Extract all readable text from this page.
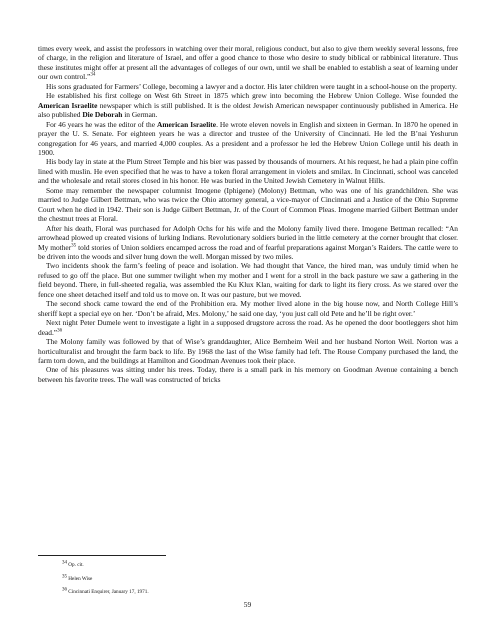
times every week, and assist the professors in watching over their moral, religious conduct, but also to give them weekly several lessons, free of charge, in the religion and literature of Israel, and offer a good chance to those who desire to study biblical or rabbinical literature. Thus these institutes might offer at present all the advantages of colleges of our own, until we shall be enabled to establish a seat of learning under our own control.”$^{34}$

His sons graduated for Farmers’ College, becoming a lawyer and a doctor. His later children were taught in a school-house on the property.

He established his first college on West 6th Street in 1875 which grew into becoming the Hebrew Union College. Wise founded the American Israelite newspaper which is still published. It is the oldest Jewish American newspaper continuously published in America. He also published Die Deborah in German.

For 46 years he was the editor of the American Israelite. He wrote eleven novels in English and sixteen in German. In 1870 he opened in prayer the U. S. Senate. For eighteen years he was a director and trustee of the University of Cincinnati. He led the B’nai Yeshurun congregation for 46 years, and married 4,000 couples. As a president and a professor he led the Hebrew Union College until his death in 1900.

His body lay in state at the Plum Street Temple and his bier was passed by thousands of mourners. At his request, he had a plain pine coffin lined with muslin. He even specified that he was to have a token floral arrangement in violets and smilax. In Cincinnati, school was canceled and the wholesale and retail stores closed in his honor. He was buried in the United Jewish Cemetery in Walnut Hills.

Some may remember the newspaper columnist Imogene (Iphigene) (Molony) Bettman, who was one of his grandchildren. She was married to Judge Gilbert Bettman, who was twice the Ohio attorney general, a vice-mayor of Cincinnati and a Justice of the Ohio Supreme Court when he died in 1942. Their son is Judge Gilbert Bettman, Jr. of the Court of Common Pleas. Imogene married Gilbert Bettman under the chestnut trees at Floral.

After his death, Floral was purchased for Adolph Ochs for his wife and the Molony family lived there. Imogene Bettman recalled: “An arrowhead plowed up created visions of lurking Indians. Revolutionary soldiers buried in the little cemetery at the corner brought that closer. My mother$^{35}$ told stories of Union soldiers encamped across the road and of fearful preparations against Morgan’s Raiders. The cattle were to be driven into the woods and silver hung down the well. Morgan missed by two miles.

Two incidents shook the farm’s feeling of peace and isolation. We had thought that Vance, the hired man, was unduly timid when he refused to go off the place. But one summer twilight when my mother and I went for a stroll in the back pasture we saw a gathering in the field beyond. There, in full-sheeted regalia, was assembled the Ku Klux Klan, waiting for dark to light its fiery cross. As we stared over the fence one sheet detached itself and told us to move on. It was our pasture, but we moved.

The second shock came toward the end of the Prohibition era. My mother lived alone in the big house now, and North College Hill’s sheriff kept a special eye on her. ‘Don’t be afraid, Mrs. Molony,’ he said one day, ‘you just call old Pete and he’ll be right over.’

Next night Peter Dumele went to investigate a light in a supposed drugstore across the road. As he opened the door bootleggers shot him dead.”$^{36}$

The Molony family was followed by that of Wise’s granddaughter, Alice Bernheim Weil and her husband Norton Weil. Norton was a horticulturalist and brought the farm back to life. By 1968 the last of the Wise family had left. The Rouse Company purchased the land, the farm torn down, and the buildings at Hamilton and Goodman Avenues took their place.

One of his pleasures was sitting under his trees. Today, there is a small park in his memory on Goodman Avenue containing a bench between his favorite trees. The wall was constructed of bricks

$^{34}$ Op. cit.
$^{35}$ Helen Wise
$^{36}$ Cincinnati Enquirer, January 17, 1971.
59
